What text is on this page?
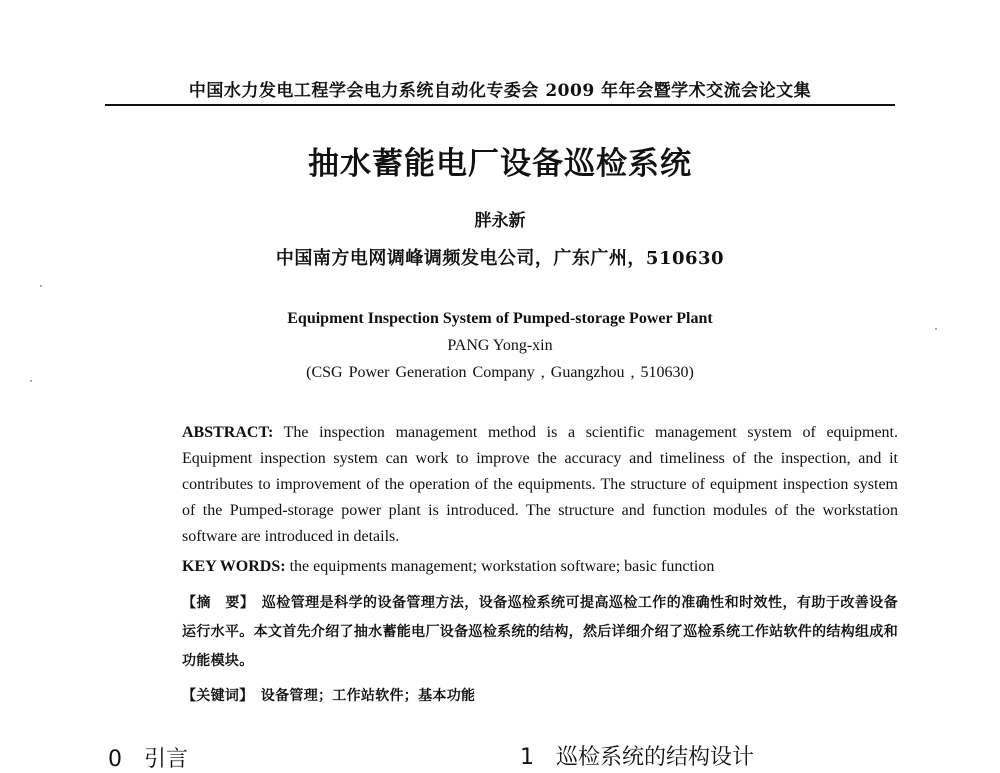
中国水力发电工程学会电力系统自动化专委会 2009 年年会暨学术交流会论文集
抽水蓄能电厂设备巡检系统
胖永新
中国南方电网调峰调频发电公司，广东广州，510630
Equipment Inspection System of Pumped-storage Power Plant
PANG Yong-xin
(CSG Power Generation Company , Guangzhou , 510630)
ABSTRACT: The inspection management method is a scientific management system of equipment. Equipment inspection system can work to improve the accuracy and timeliness of the inspection, and it contributes to improvement of the operation of the equipments. The structure of equipment inspection system of the Pumped-storage power plant is introduced. The structure and function modules of the workstation software are introduced in details.
KEY WORDS: the equipments management; workstation software; basic function
【摘　要】　巡检管理是科学的设备管理方法，设备巡检系统可提高巡检工作的准确性和时效性，有助于改善设备运行水平。本文首先介绍了抽水蓄能电厂设备巡检系统的结构，然后详细介绍了巡检系统工作站软件的结构组成和功能模块。
【关键词】　设备管理；工作站软件；基本功能
0　引言	1　巡检系统的结构设计
